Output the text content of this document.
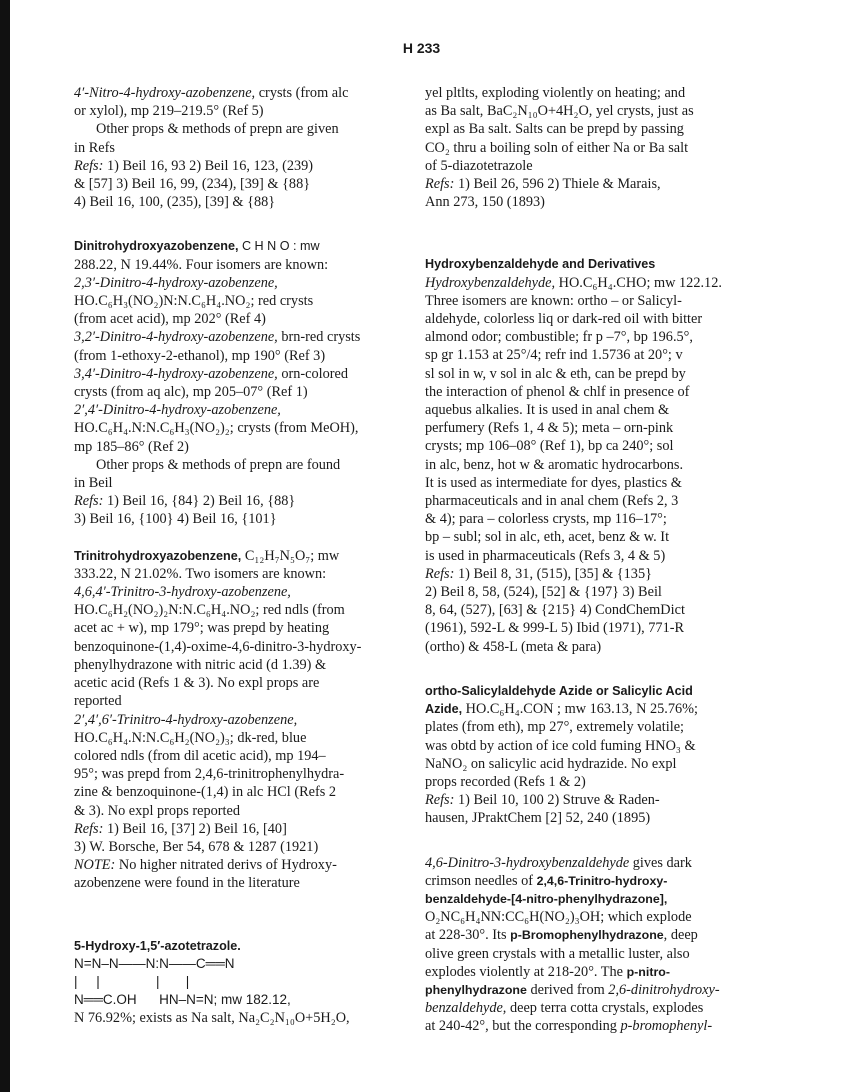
H 233
4′-Nitro-4-hydroxy-azobenzene, crysts (from alc
or xylol), mp 219–219.5° (Ref 5)
Other props & methods of prepn are given
in Refs
Refs: 1) Beil 16, 93 2) Beil 16, 123, (239)
& [57] 3) Beil 16, 99, (234), [39] & {88}
4) Beil 16, 100, (235), [39] & {88}
Dinitrohydroxyazobenzene, C H N O : mw
288.22, N 19.44%. Four isomers are known:
2,3′-Dinitro-4-hydroxy-azobenzene,
HO.C₆H₃(NO₂)N:N.C₆H₄.NO₂; red crysts
(from acet acid), mp 202° (Ref 4)
3,2′-Dinitro-4-hydroxy-azobenzene, brn-red crysts
(from 1-ethoxy-2-ethanol), mp 190° (Ref 3)
3,4′-Dinitro-4-hydroxy-azobenzene, orn-colored
crysts (from aq alc), mp 205–07° (Ref 1)
2′,4′-Dinitro-4-hydroxy-azobenzene,
HO.C₆H₄.N:N.C₆H₃(NO₂)₂; crysts (from MeOH),
mp 185–86° (Ref 2)
Other props & methods of prepn are found
in Beil
Refs: 1) Beil 16, {84} 2) Beil 16, {88}
3) Beil 16, {100} 4) Beil 16, {101}
Trinitrohydroxyazobenzene, C₁₂H₇N₅O₇; mw
333.22, N 21.02%. Two isomers are known:
4,6,4′-Trinitro-3-hydroxy-azobenzene,
HO.C₆H₂(NO₂)₂N:N.C₆H₄.NO₂; red ndls (from
acet ac + w), mp 179°; was prepd by heating
benzoquinone-(1,4)-oxime-4,6-dinitro-3-hydroxy-
phenylhydrazone with nitric acid (d 1.39) &
acetic acid (Refs 1 & 3). No expl props are
reported
2′,4′,6′-Trinitro-4-hydroxy-azobenzene,
HO.C₆H₄.N:N.C₆H₂(NO₂)₃; dk-red, blue
colored ndls (from dil acetic acid), mp 194–
95°; was prepd from 2,4,6-trinitrophenylhydra-
zine & benzoquinone-(1,4) in alc HCl (Refs 2
& 3). No expl props reported
Refs: 1) Beil 16, [37] 2) Beil 16, [40]
3) W. Borsche, Ber 54, 678 & 1287 (1921)
NOTE: No higher nitrated derivs of Hydroxy-
azobenzene were found in the literature
5-Hydroxy-1,5′-azotetrazole.
N=N–N——N:N——C══N
|     |               |       |
N══C.OH      HN–N=N; mw 182.12,
N 76.92%; exists as Na salt, Na₂C₂N₁₀O+5H₂O,
yel pltlts, exploding violently on heating; and
as Ba salt, BaC₂N₁₀O+4H₂O, yel crysts, just as
expl as Ba salt. Salts can be prepd by passing
CO₂ thru a boiling soln of either Na or Ba salt
of 5-diazotetrazole
Refs: 1) Beil 26, 596 2) Thiele & Marais,
Ann 273, 150 (1893)
Hydroxybenzaldehyde and Derivatives
Hydroxybenzaldehyde, HO.C₆H₄.CHO; mw 122.12.
Three isomers are known: ortho – or Salicyl-
aldehyde, colorless liq or dark-red oil with bitter
almond odor; combustible; fr p –7°, bp 196.5°,
sp gr 1.153 at 25°/4; refr ind 1.5736 at 20°; v
sl sol in w, v sol in alc & eth, can be prepd by
the interaction of phenol & chlf in presence of
aquebus alkalies. It is used in anal chem &
perfumery (Refs 1, 4 & 5); meta – orn-pink
crysts; mp 106–08° (Ref 1), bp ca 240°; sol
in alc, benz, hot w & aromatic hydrocarbons.
It is used as intermediate for dyes, plastics &
pharmaceuticals and in anal chem (Refs 2, 3
& 4); para – colorless crysts, mp 116–17°;
bp – subl; sol in alc, eth, acet, benz & w. It
is used in pharmaceuticals (Refs 3, 4 & 5)
Refs: 1) Beil 8, 31, (515), [35] & {135}
2) Beil 8, 58, (524), [52] & {197} 3) Beil
8, 64, (527), [63] & {215} 4) CondChemDict
(1961), 592-L & 999-L 5) Ibid (1971), 771-R
(ortho) & 458-L (meta & para)
ortho-Salicylaldehyde Azide or Salicylic Acid
Azide, HO.C₆H₄.CON ; mw 163.13, N 25.76%;
plates (from eth), mp 27°, extremely volatile;
was obtd by action of ice cold fuming HNO₃ &
NaNO₂ on salicylic acid hydrazide. No expl
props recorded (Refs 1 & 2)
Refs: 1) Beil 10, 100 2) Struve & Raden-
hausen, JPraktChem [2] 52, 240 (1895)
4,6-Dinitro-3-hydroxybenzaldehyde gives dark
crimson needles of 2,4,6-Trinitro-hydroxy-
benzaldehyde-[4-nitro-phenylhydrazone],
O₂NC₆H₄NN:CC₆H(NO₂)₃OH; which explode
at 228-30°. Its p-Bromophenylhydrazone, deep
olive green crystals with a metallic luster, also
explodes violently at 218-20°. The p-nitro-
phenylhydrazone derived from 2,6-dinitrohydroxy-
benzaldehyde, deep terra cotta crystals, explodes
at 240-42°, but the corresponding p-bromophenyl-
